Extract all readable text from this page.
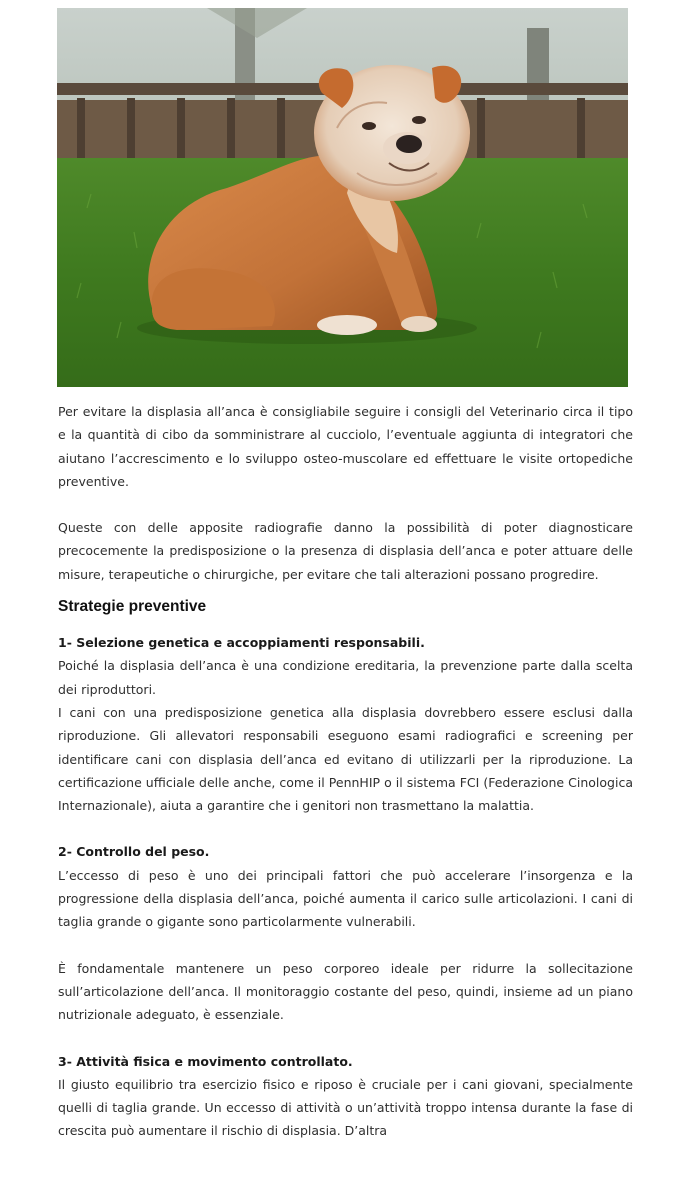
Per evitare la displasia all’anca è consigliabile seguire i consigli del Veterinario circa il tipo e la quantità di cibo da somministrare al cucciolo, l’eventuale aggiunta di integratori che aiutano l’accrescimento e lo sviluppo osteo-muscolare ed effettuare le visite ortopediche preventive.

Queste con delle apposite radiografie danno la possibilità di poter diagnosticare precocemente la predisposizione o la presenza di displasia dell’anca e poter attuare delle misure, terapeutiche o chirurgiche, per evitare che tali alterazioni possano progredire.

Strategie preventive

1- Selezione genetica e accoppiamenti responsabili.

Poiché la displasia dell’anca è una condizione ereditaria, la prevenzione parte dalla scelta dei riproduttori.

I cani con una predisposizione genetica alla displasia dovrebbero essere esclusi dalla riproduzione. Gli allevatori responsabili eseguono esami radiografici e screening per identificare cani con displasia dell’anca ed evitano di utilizzarli per la riproduzione. La certificazione ufficiale delle anche, come il PennHIP o il sistema FCI (Federazione Cinologica Internazionale), aiuta a garantire che i genitori non trasmettano la malattia.

2- Controllo del peso.

L’eccesso di peso è uno dei principali fattori che può accelerare l’insorgenza e la progressione della displasia dell’anca, poiché aumenta il carico sulle articolazioni. I cani di taglia grande o gigante sono particolarmente vulnerabili.

È fondamentale mantenere un peso corporeo ideale per ridurre la sollecitazione sull’articolazione dell’anca. Il monitoraggio costante del peso, quindi, insieme ad un piano nutrizionale adeguato, è essenziale.

3- Attività fisica e movimento controllato.

Il giusto equilibrio tra esercizio fisico e riposo è cruciale per i cani giovani, specialmente quelli di taglia grande. Un eccesso di attività o un’attività troppo intensa durante la fase di crescita può aumentare il rischio di displasia. D’altra
